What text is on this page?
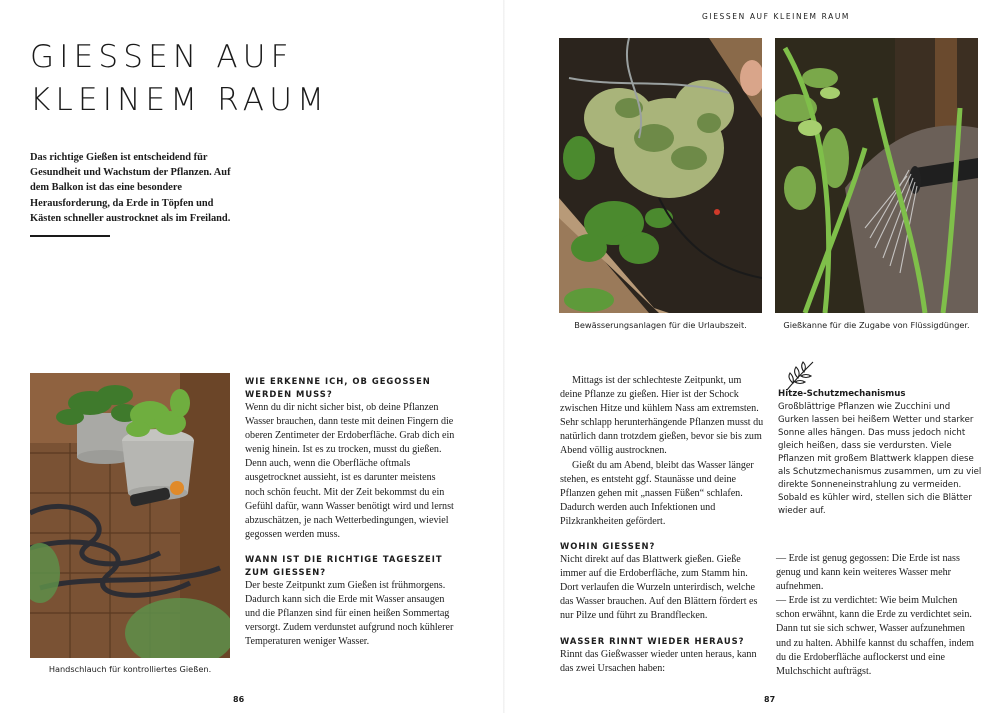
GIESSEN AUF KLEINEM RAUM
GIESSEN AUF
KLEINEM RAUM

Das richtige Gießen ist entscheidend für Gesundheit und Wachstum der Pflanzen. Auf dem Balkon ist das eine besondere Herausforderung, da Erde in Töpfen und Kästen schneller austrocknet als im Freiland.

Handschlauch für kontrolliertes Gießen.
WIE ERKENNE ICH, OB GEGOSSEN WERDEN MUSS?

Wenn du dir nicht sicher bist, ob deine Pflanzen Wasser brauchen, dann teste mit deinen Fingern die oberen Zentimeter der Erdoberfläche. Grab dich ein wenig hinein. Ist es zu trocken, musst du gießen. Denn auch, wenn die Oberfläche oftmals ausgetrocknet aussieht, ist es darunter meistens noch schön feucht. Mit der Zeit bekommst du ein Gefühl dafür, wann Wasser benötigt wird und lernst abzuschätzen, je nach Wetterbedingungen, wieviel gegossen werden muss.

WANN IST DIE RICHTIGE TAGESZEIT ZUM GIESSEN?

Der beste Zeitpunkt zum Gießen ist frühmorgens. Dadurch kann sich die Erde mit Wasser ansaugen und die Pflanzen sind für einen heißen Sommertag versorgt. Zudem verdunstet aufgrund noch kühlerer Temperaturen weniger Wasser.

86
Bewässerungsanlagen für die Urlaubszeit.	Gießkanne für die Zugabe von Flüssigdünger.

Mittags ist der schlechteste Zeitpunkt, um deine Pflanze zu gießen. Hier ist der Schock zwischen Hitze und kühlem Nass am extremsten. Sehr schlapp herunterhängende Pflanzen musst du natürlich dann trotzdem gießen, bevor sie bis zum Abend völlig austrocknen.

Gießt du am Abend, bleibt das Wasser länger stehen, es entsteht ggf. Staunässe und deine Pflanzen gehen mit „nassen Füßen“ schlafen. Dadurch werden auch Infektionen und Pilzkrankheiten gefördert.

WOHIN GIESSEN?

Nicht direkt auf das Blattwerk gießen. Gieße immer auf die Erdoberfläche, zum Stamm hin. Dort verlaufen die Wurzeln unterirdisch, welche das Wasser brauchen. Auf den Blättern fördert es nur Pilze und führt zu Brandflecken.

WASSER RINNT WIEDER HERAUS?

Rinnt das Gießwasser wieder unten heraus, kann das zwei Ursachen haben:

Hitze-Schutzmechanismus
Großblättrige Pflanzen wie Zucchini und Gurken lassen bei heißem Wetter und starker Sonne alles hängen. Das muss jedoch nicht gleich heißen, dass sie verdursten. Viele Pflanzen mit großem Blattwerk klappen diese als Schutzmechanismus zusammen, um zu viel direkte Sonneneinstrahlung zu vermeiden. Sobald es kühler wird, stellen sich die Blätter wieder auf.

— Erde ist genug gegossen: Die Erde ist nass genug und kann kein weiteres Wasser mehr aufnehmen.

— Erde ist zu verdichtet: Wie beim Mulchen schon erwähnt, kann die Erde zu verdichtet sein. Dann tut sie sich schwer, Wasser aufzunehmen und zu halten. Abhilfe kannst du schaffen, indem du die Erdoberfläche auflockerst und eine Mulchschicht aufträgst.

87
